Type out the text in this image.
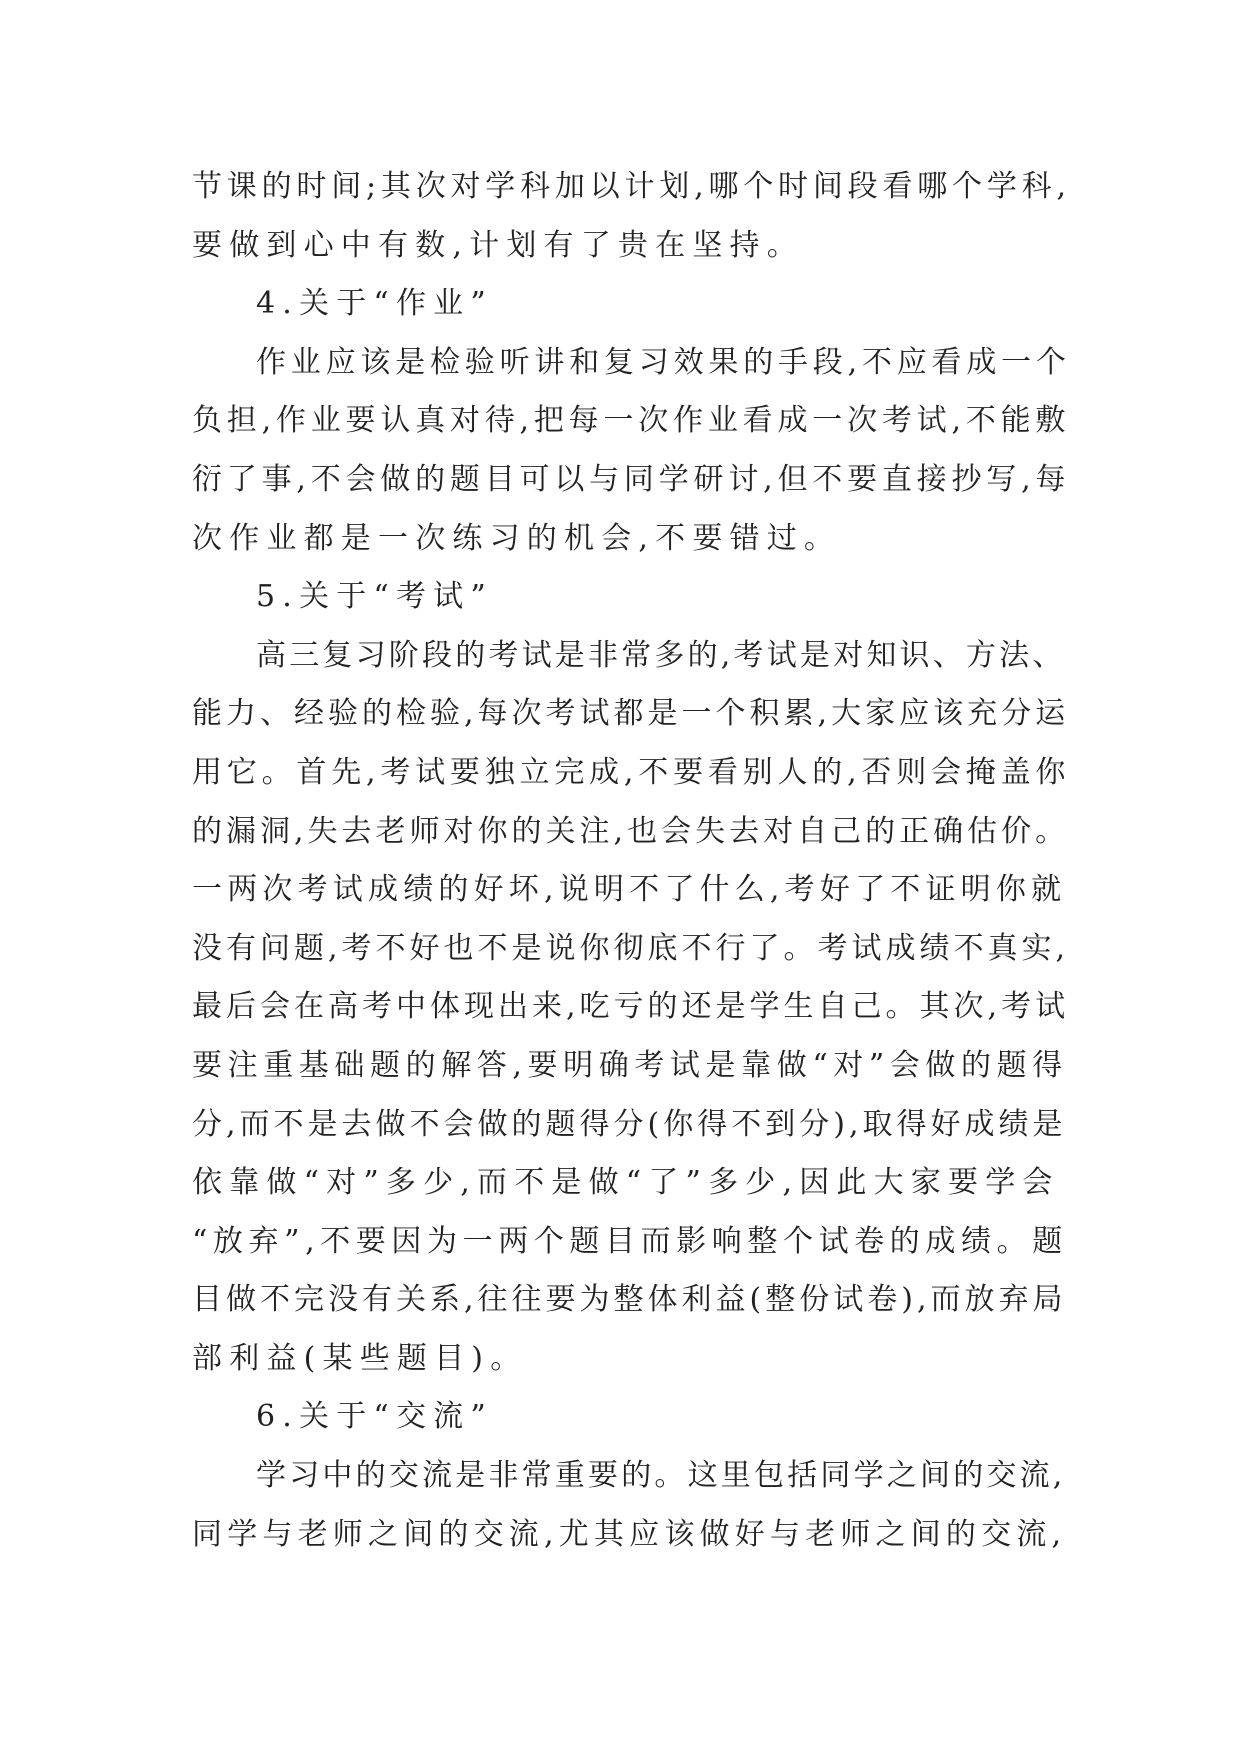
节课的时间;其次对学科加以计划,哪个时间段看哪个学科,
要做到心中有数,计划有了贵在坚持。
4.关于“作业”
作业应该是检验听讲和复习效果的手段,不应看成一个
负担,作业要认真对待,把每一次作业看成一次考试,不能敷
衍了事,不会做的题目可以与同学研讨,但不要直接抄写,每
次作业都是一次练习的机会,不要错过。
5.关于“考试”
高三复习阶段的考试是非常多的,考试是对知识、方法、
能力、经验的检验,每次考试都是一个积累,大家应该充分运
用它。首先,考试要独立完成,不要看别人的,否则会掩盖你
的漏洞,失去老师对你的关注,也会失去对自己的正确估价。
一两次考试成绩的好坏,说明不了什么,考好了不证明你就
没有问题,考不好也不是说你彻底不行了。考试成绩不真实,
最后会在高考中体现出来,吃亏的还是学生自己。其次,考试
要注重基础题的解答,要明确考试是靠做“对”会做的题得
分,而不是去做不会做的题得分(你得不到分),取得好成绩是
依靠做“对”多少,而不是做“了”多少,因此大家要学会
“放弃”,不要因为一两个题目而影响整个试卷的成绩。题
目做不完没有关系,往往要为整体利益(整份试卷),而放弃局
部利益(某些题目)。
6.关于“交流”
学习中的交流是非常重要的。这里包括同学之间的交流,
同学与老师之间的交流,尤其应该做好与老师之间的交流,
